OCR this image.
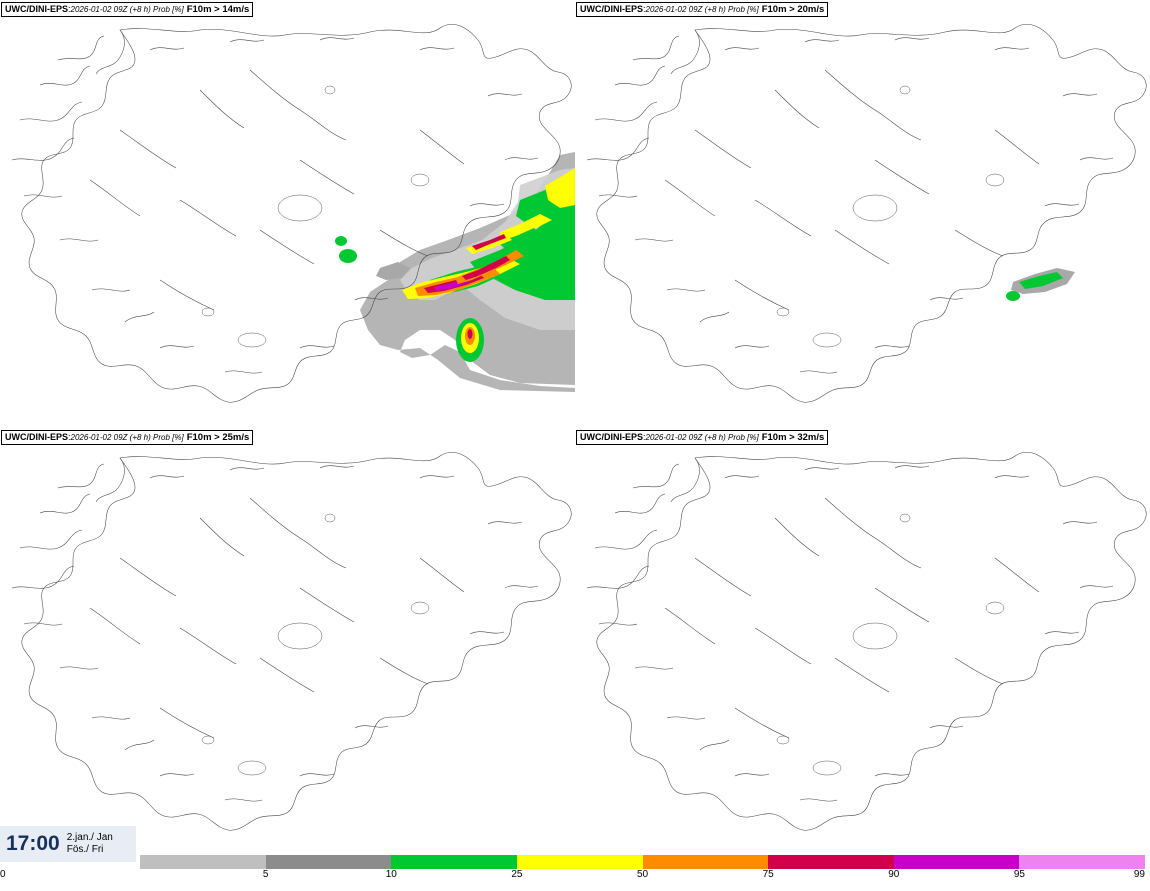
UWC/DINI-EPS : 2026-01-02 09Z (+8 h) Prob [%] F10m > 14m/s	UWC/DINI-EPS : 2026-01-02 09Z (+8 h) Prob [%] F10m > 20m/s
UWC/DINI-EPS : 2026-01-02 09Z (+8 h) Prob [%] F10m > 25m/s	UWC/DINI-EPS : 2026-01-02 09Z (+8 h) Prob [%] F10m > 32m/s
17:00 2.jan./ Jan
Fös./ Fri
0	5	10	25	50	75	90	95	99
